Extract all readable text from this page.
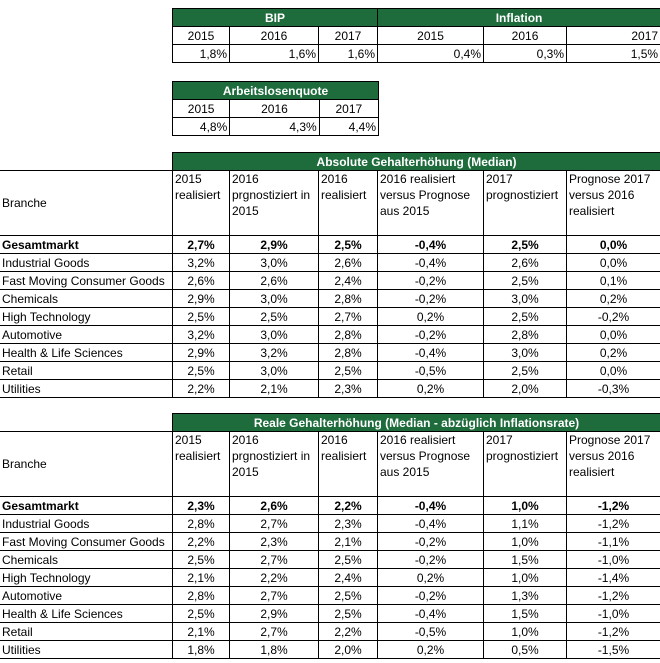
BIP			Inflation		
2015	2016	2017	2015	2016	2017
1,8%	1,6%	1,6%	0,4%	0,3%	1,5%
Arbeitslosenquote		
2015	2016	2017
4,8%	4,3%	4,4%
	Absolute Gehalterhöhung (Median)					
Branche	2015 realisiert	2016 prgnostiziert in 2015	2016 realisiert	2016 realisiert versus Prognose aus 2015	2017 prognostiziert	Prognose 2017 versus 2016 realisiert
Gesamtmarkt	2,7%	2,9%	2,5%	-0,4%	2,5%	0,0%
Industrial Goods	3,2%	3,0%	2,6%	-0,4%	2,6%	0,0%
Fast Moving Consumer Goods	2,6%	2,6%	2,4%	-0,2%	2,5%	0,1%
Chemicals	2,9%	3,0%	2,8%	-0,2%	3,0%	0,2%
High Technology	2,5%	2,5%	2,7%	0,2%	2,5%	-0,2%
Automotive	3,2%	3,0%	2,8%	-0,2%	2,8%	0,0%
Health & Life Sciences	2,9%	3,2%	2,8%	-0,4%	3,0%	0,2%
Retail	2,5%	3,0%	2,5%	-0,5%	2,5%	0,0%
Utilities	2,2%	2,1%	2,3%	0,2%	2,0%	-0,3%
	Reale Gehalterhöhung (Median - abzüglich Inflationsrate)					
Branche	2015 realisiert	2016 prgnostiziert in 2015	2016 realisiert	2016 realisiert versus Prognose aus 2015	2017 prognostiziert	Prognose 2017 versus 2016 realisiert
Gesamtmarkt	2,3%	2,6%	2,2%	-0,4%	1,0%	-1,2%
Industrial Goods	2,8%	2,7%	2,3%	-0,4%	1,1%	-1,2%
Fast Moving Consumer Goods	2,2%	2,3%	2,1%	-0,2%	1,0%	-1,1%
Chemicals	2,5%	2,7%	2,5%	-0,2%	1,5%	-1,0%
High Technology	2,1%	2,2%	2,4%	0,2%	1,0%	-1,4%
Automotive	2,8%	2,7%	2,5%	-0,2%	1,3%	-1,2%
Health & Life Sciences	2,5%	2,9%	2,5%	-0,4%	1,5%	-1,0%
Retail	2,1%	2,7%	2,2%	-0,5%	1,0%	-1,2%
Utilities	1,8%	1,8%	2,0%	0,2%	0,5%	-1,5%
